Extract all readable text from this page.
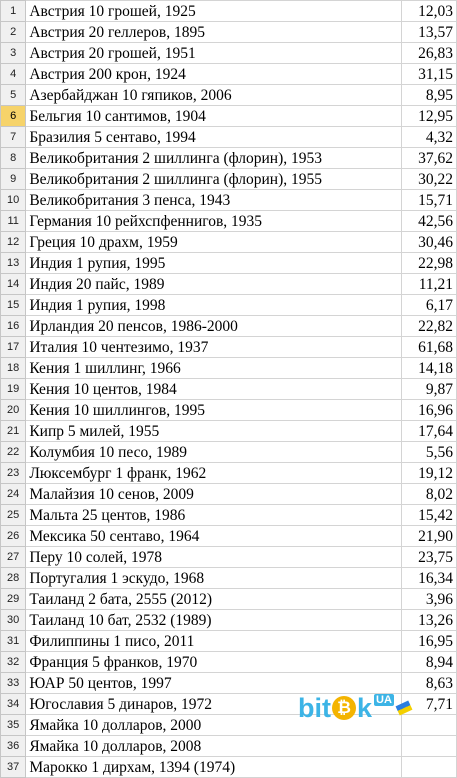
1	Австрия 10 грошей, 1925	12,03
2	Австрия 20 геллеров, 1895	13,57
3	Австрия 20 грошей, 1951	26,83
4	Австрия 200 крон, 1924	31,15
5	Азербайджан 10 гяпиков, 2006	8,95
6	Бельгия 10 сантимов, 1904	12,95
7	Бразилия 5 сентаво, 1994	4,32
8	Великобритания 2 шиллинга (флорин), 1953	37,62
9	Великобритания 2 шиллинга (флорин), 1955	30,22
10	Великобритания 3 пенса, 1943	15,71
11	Германия 10 рейхспфеннигов, 1935	42,56
12	Греция 10 драхм, 1959	30,46
13	Индия 1 рупия, 1995	22,98
14	Индия 20 пайс, 1989	11,21
15	Индия 1 рупия, 1998	6,17
16	Ирландия 20 пенсов, 1986-2000	22,82
17	Италия 10 чентезимо, 1937	61,68
18	Кения 1 шиллинг, 1966	14,18
19	Кения 10 центов, 1984	9,87
20	Кения 10 шиллингов, 1995	16,96
21	Кипр 5 милей, 1955	17,64
22	Колумбия 10 песо, 1989	5,56
23	Люксембург 1 франк, 1962	19,12
24	Малайзия 10 сенов, 2009	8,02
25	Мальта 25 центов, 1986	15,42
26	Мексика 50 сентаво, 1964	21,90
27	Перу 10 солей, 1978	23,75
28	Португалия 1 эскудо, 1968	16,34
29	Таиланд 2 бата, 2555 (2012)	3,96
30	Таиланд 10 бат, 2532 (1989)	13,26
31	Филиппины 1 писо, 2011	16,95
32	Франция 5 франков, 1970	8,94
33	ЮАР 50 центов, 1997	8,63
34	Югославия 5 динаров, 1972	7,71
35	Ямайка 10 долларов, 2000	
36	Ямайка 10 долларов, 2008	
37	Марокко 1 дирхам, 1394 (1974)	
bit ₿ k UA
